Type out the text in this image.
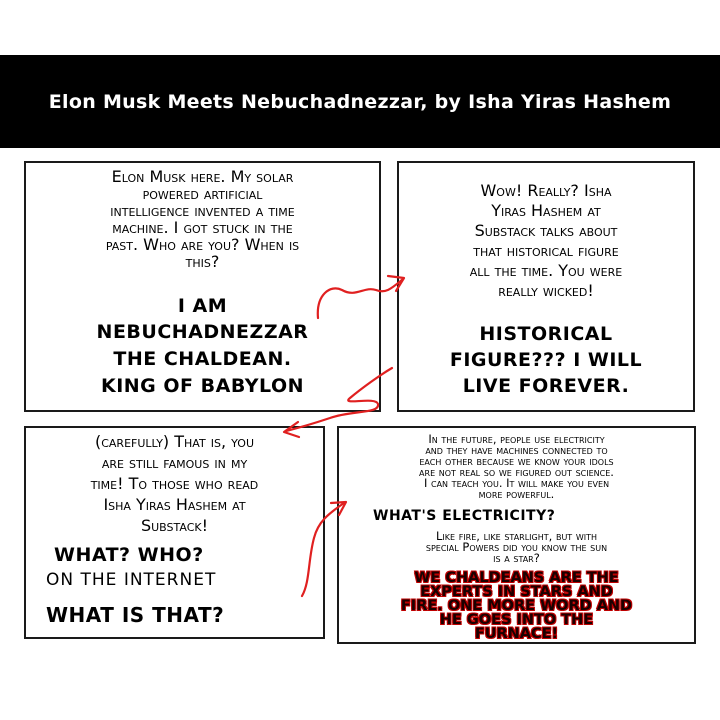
Elon Musk Meets Nebuchadnezzar, by Isha Yiras Hashem
Elon Musk here. My solar
powered artificial
intelligence invented a time
machine. I got stuck in the
past. Who are you? When is
this?
I AM
NEBUCHADNEZZAR
THE CHALDEAN.
KING OF BABYLON
Wow! Really? Isha
Yiras Hashem at
Substack talks about
that historical figure
all the time. You were
really wicked!
HISTORICAL
FIGURE??? I WILL
LIVE FOREVER.
(carefully) That is, you
are still famous in my
time! To those who read
Isha Yiras Hashem at
Substack!
WHAT? WHO?
ON THE INTERNET
WHAT IS THAT?
In the future, people use electricity
and they have machines connected to
each other because we know your idols
are not real so we figured out science.
I can teach you. It will make you even
more powerful.
WHAT'S ELECTRICITY?
Like fire, like starlight, but with
special Powers did you know the sun
is a star?
WE CHALDEANS ARE THE
EXPERTS IN STARS AND
FIRE. ONE MORE WORD AND
HE GOES INTO THE
FURNACE!
